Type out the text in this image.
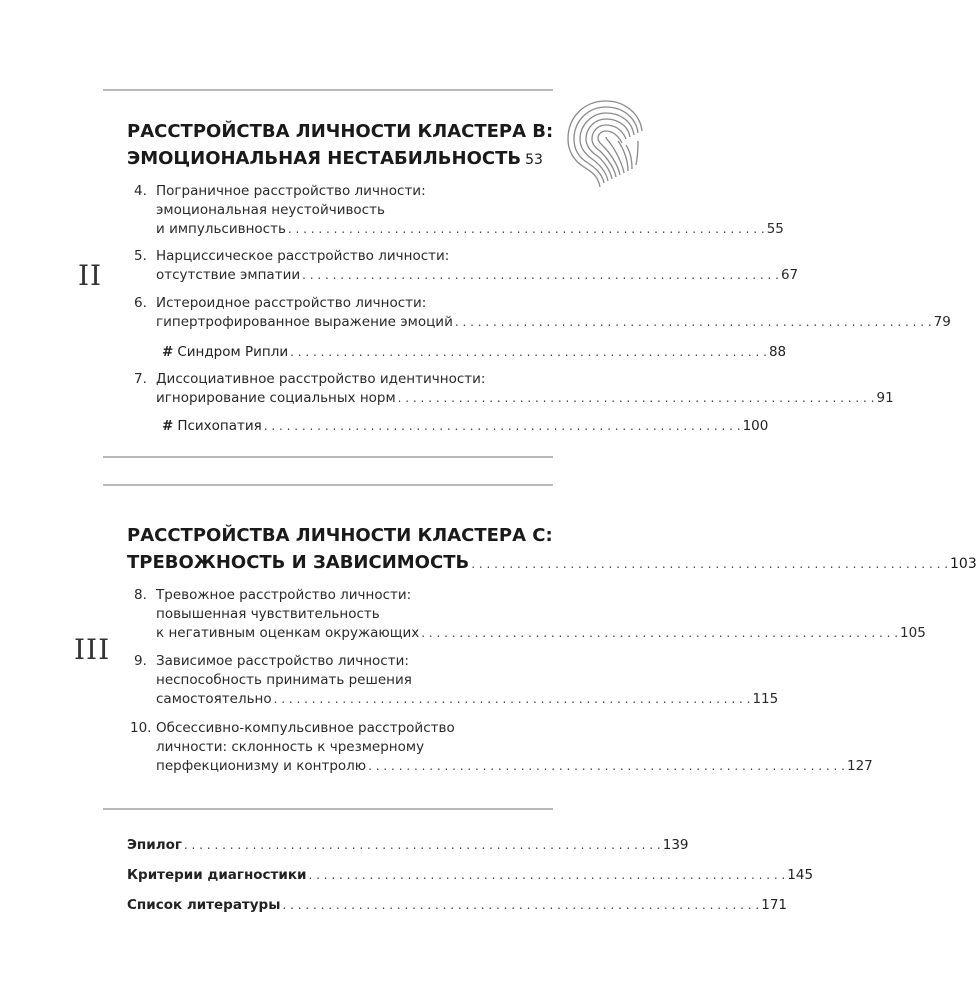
РАССТРОЙСТВА ЛИЧНОСТИ КЛАСТЕРА В:
ЭМОЦИОНАЛЬНАЯ НЕСТАБИЛЬНОСТЬ 53
II
4. Пограничное расстройство личности:
эмоциональная неустойчивость
и импульсивность . . .	55
5. Нарциссическое расстройство личности:
отсутствие эмпатии . . .	67
6. Истероидное расстройство личности:
гипертрофированное выражение эмоций . . .	79
# Синдром Рипли . . .	88
7. Диссоциативное расстройство идентичности:
игнорирование социальных норм . . .	91
# Психопатия . . .	100
РАССТРОЙСТВА ЛИЧНОСТИ КЛАСТЕРА С:
ТРЕВОЖНОСТЬ И ЗАВИСИМОСТЬ . . .	103
III
8. Тревожное расстройство личности:
повышенная чувствительность
к негативным оценкам окружающих . . .	105
9. Зависимое расстройство личности:
неспособность принимать решения
самостоятельно . . .	115
10. Обсессивно-компульсивное расстройство
личности: склонность к чрезмерному
перфекционизму и контролю . . .	127
Эпилог . . .	139
Критерии диагностики . . .	145
Список литературы . . .	171
